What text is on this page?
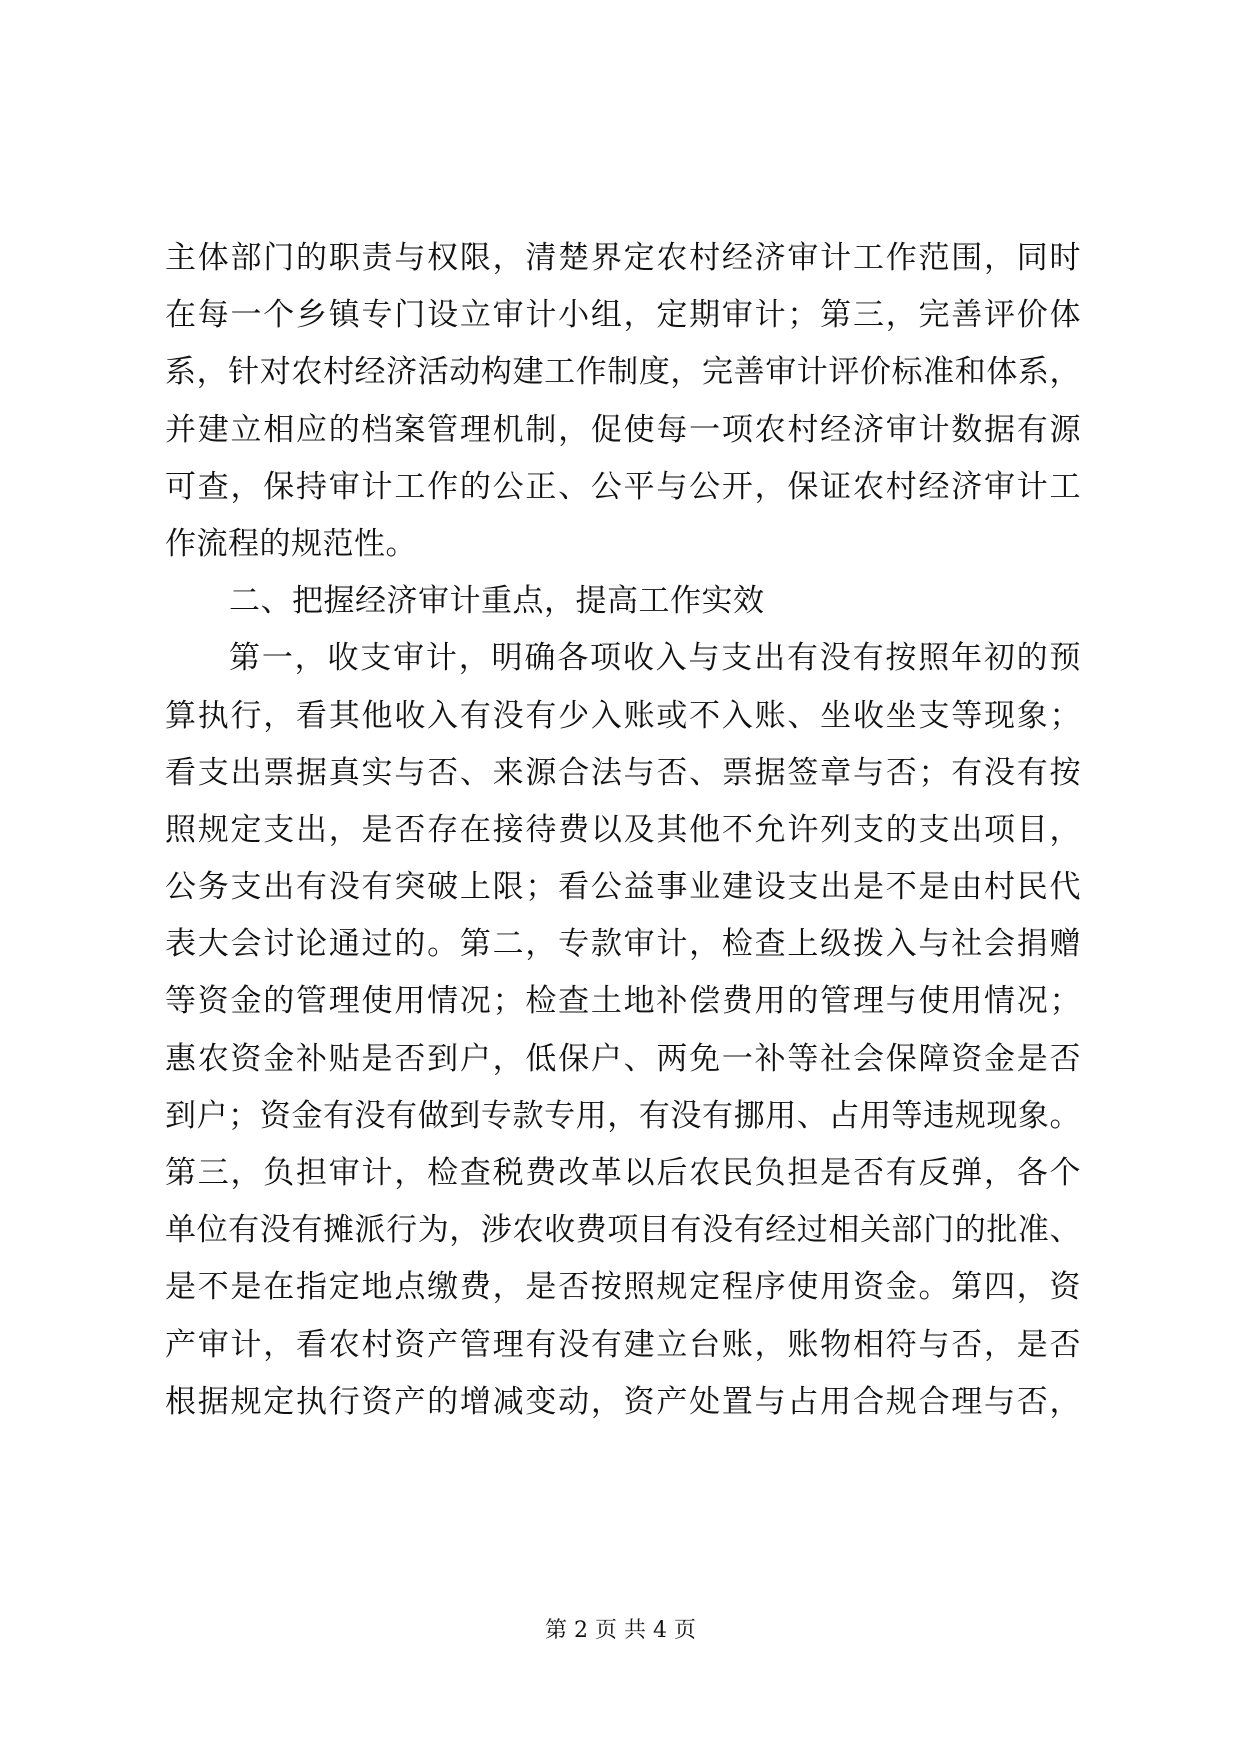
主体部门的职责与权限，清楚界定农村经济审计工作范围，同时
在每一个乡镇专门设立审计小组，定期审计；第三，完善评价体
系，针对农村经济活动构建工作制度，完善审计评价标准和体系，
并建立相应的档案管理机制，促使每一项农村经济审计数据有源
可查，保持审计工作的公正、公平与公开，保证农村经济审计工
作流程的规范性。
二、把握经济审计重点，提高工作实效
第一，收支审计，明确各项收入与支出有没有按照年初的预
算执行，看其他收入有没有少入账或不入账、坐收坐支等现象；
看支出票据真实与否、来源合法与否、票据签章与否；有没有按
照规定支出，是否存在接待费以及其他不允许列支的支出项目，
公务支出有没有突破上限；看公益事业建设支出是不是由村民代
表大会讨论通过的。第二，专款审计，检查上级拨入与社会捐赠
等资金的管理使用情况；检查土地补偿费用的管理与使用情况；
惠农资金补贴是否到户，低保户、两免一补等社会保障资金是否
到户；资金有没有做到专款专用，有没有挪用、占用等违规现象。
第三，负担审计，检查税费改革以后农民负担是否有反弹，各个
单位有没有摊派行为，涉农收费项目有没有经过相关部门的批准、
是不是在指定地点缴费，是否按照规定程序使用资金。第四，资
产审计，看农村资产管理有没有建立台账，账物相符与否，是否
根据规定执行资产的增减变动，资产处置与占用合规合理与否，
第 2 页 共 4 页
